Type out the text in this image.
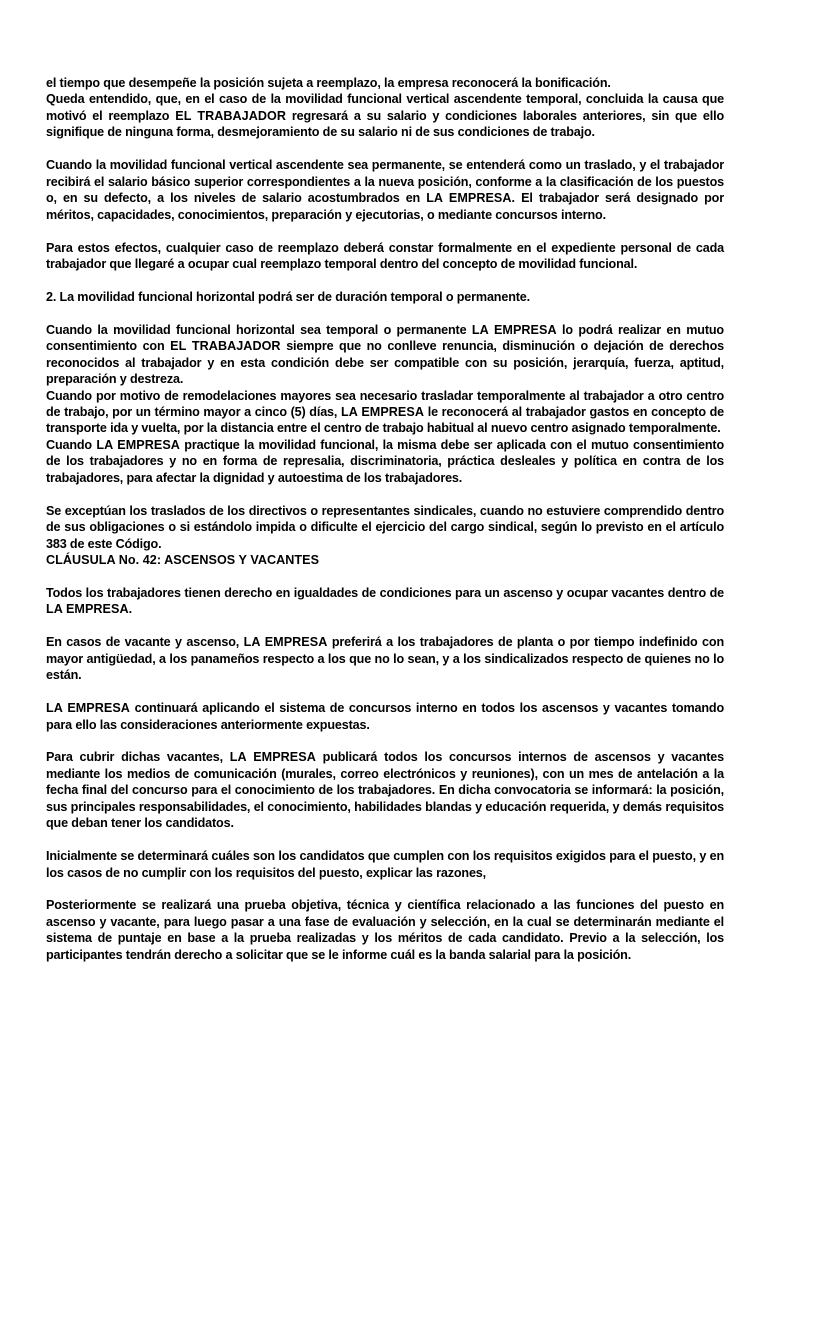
el tiempo que desempeñe la posición sujeta a reemplazo, la empresa reconocerá la bonificación.

Queda entendido, que, en el caso de la movilidad funcional vertical ascendente temporal, concluida la causa que motivó el reemplazo EL TRABAJADOR regresará a su salario y condiciones laborales anteriores, sin que ello signifique de ninguna forma, desmejoramiento de su salario ni de sus condiciones de trabajo.

Cuando la movilidad funcional vertical ascendente sea permanente, se entenderá como un traslado, y el trabajador recibirá el salario básico superior correspondientes a la nueva posición, conforme a la clasificación de los puestos o, en su defecto, a los niveles de salario acostumbrados en LA EMPRESA. El trabajador será designado por méritos, capacidades, conocimientos, preparación y ejecutorias, o mediante concursos interno.

Para estos efectos, cualquier caso de reemplazo deberá constar formalmente en el expediente personal de cada trabajador que llegaré a ocupar cual reemplazo temporal dentro del concepto de movilidad funcional.

2. La movilidad funcional horizontal podrá ser de duración temporal o permanente.

Cuando la movilidad funcional horizontal sea temporal o permanente LA EMPRESA lo podrá realizar en mutuo consentimiento con EL TRABAJADOR siempre que no conlleve renuncia, disminución o dejación de derechos reconocidos al trabajador y en esta condición debe ser compatible con su posición, jerarquía, fuerza, aptitud, preparación y destreza.

Cuando por motivo de remodelaciones mayores sea necesario trasladar temporalmente al trabajador a otro centro de trabajo, por un término mayor a cinco (5) días, LA EMPRESA le reconocerá al trabajador gastos en concepto de transporte ida y vuelta, por la distancia entre el centro de trabajo habitual al nuevo centro asignado temporalmente.

Cuando LA EMPRESA practique la movilidad funcional, la misma debe ser aplicada con el mutuo consentimiento de los trabajadores y no en forma de represalia, discriminatoria, práctica desleales y política en contra de los trabajadores, para afectar la dignidad y autoestima de los trabajadores.

Se exceptúan los traslados de los directivos o representantes sindicales, cuando no estuviere comprendido dentro de sus obligaciones o si estándolo impida o dificulte el ejercicio del cargo sindical, según lo previsto en el artículo 383 de este Código.

CLÁUSULA No. 42: ASCENSOS Y VACANTES

Todos los trabajadores tienen derecho en igualdades de condiciones para un ascenso y ocupar vacantes dentro de LA EMPRESA.

En casos de vacante y ascenso, LA EMPRESA preferirá a los trabajadores de planta o por tiempo indefinido con mayor antigüedad, a los panameños respecto a los que no lo sean, y a los sindicalizados respecto de quienes no lo están.

LA EMPRESA continuará aplicando el sistema de concursos interno en todos los ascensos y vacantes tomando para ello las consideraciones anteriormente expuestas.

Para cubrir dichas vacantes, LA EMPRESA publicará todos los concursos internos de ascensos y vacantes mediante los medios de comunicación (murales, correo electrónicos y reuniones), con un mes de antelación a la fecha final del concurso para el conocimiento de los trabajadores. En dicha convocatoria se informará: la posición, sus principales responsabilidades, el conocimiento, habilidades blandas y educación requerida, y demás requisitos que deban tener los candidatos.

Inicialmente se determinará cuáles son los candidatos que cumplen con los requisitos exigidos para el puesto, y en los casos de no cumplir con los requisitos del puesto, explicar las razones,

Posteriormente se realizará una prueba objetiva, técnica y científica relacionado a las funciones del puesto en ascenso y vacante, para luego pasar a una fase de evaluación y selección, en la cual se determinarán mediante el sistema de puntaje en base a la prueba realizadas y los méritos de cada candidato. Previo a la selección, los participantes tendrán derecho a solicitar que se le informe cuál es la banda salarial para la posición.
